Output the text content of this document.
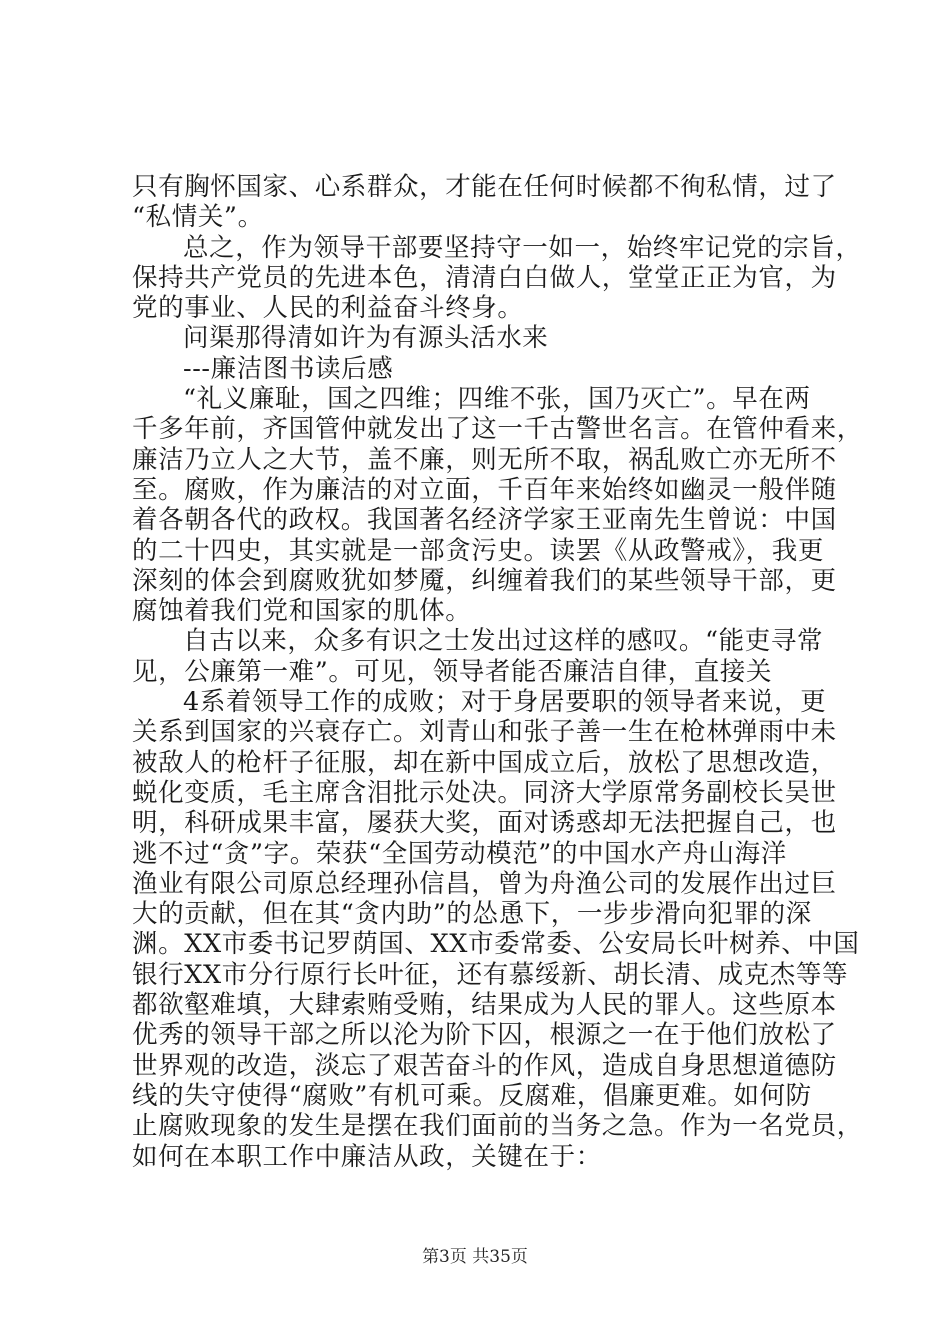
只有胸怀国家、心系群众，才能在任何时候都不徇私情，过了
“私情关”。
总之，作为领导干部要坚持守一如一，始终牢记党的宗旨，
保持共产党员的先进本色，清清白白做人，堂堂正正为官，为
党的事业、人民的利益奋斗终身。
问渠那得清如许为有源头活水来
---廉洁图书读后感
“礼义廉耻，国之四维；四维不张，国乃灭亡”。早在两
千多年前，齐国管仲就发出了这一千古警世名言。在管仲看来，
廉洁乃立人之大节，盖不廉，则无所不取，祸乱败亡亦无所不
至。腐败，作为廉洁的对立面，千百年来始终如幽灵一般伴随
着各朝各代的政权。我国著名经济学家王亚南先生曾说：中国
的二十四史，其实就是一部贪污史。读罢《从政警戒》，我更
深刻的体会到腐败犹如梦魇，纠缠着我们的某些领导干部，更
腐蚀着我们党和国家的肌体。
自古以来，众多有识之士发出过这样的感叹。“能吏寻常
见，公廉第一难”。可见，领导者能否廉洁自律，直接关
4系着领导工作的成败；对于身居要职的领导者来说，更
关系到国家的兴衰存亡。刘青山和张子善一生在枪林弹雨中未
被敌人的枪杆子征服，却在新中国成立后，放松了思想改造，
蜕化变质，毛主席含泪批示处决。同济大学原常务副校长吴世
明，科研成果丰富，屡获大奖，面对诱惑却无法把握自己，也
逃不过“贪”字。荣获“全国劳动模范”的中国水产舟山海洋
渔业有限公司原总经理孙信昌，曾为舟渔公司的发展作出过巨
大的贡献，但在其“贪内助”的怂恿下，一步步滑向犯罪的深
渊。XX市委书记罗荫国、XX市委常委、公安局长叶树养、中国
银行XX市分行原行长叶征，还有慕绥新、胡长清、成克杰等等
都欲壑难填，大肆索贿受贿，结果成为人民的罪人。这些原本
优秀的领导干部之所以沦为阶下囚，根源之一在于他们放松了
世界观的改造，淡忘了艰苦奋斗的作风，造成自身思想道德防
线的失守使得“腐败”有机可乘。反腐难，倡廉更难。如何防
止腐败现象的发生是摆在我们面前的当务之急。作为一名党员，
如何在本职工作中廉洁从政，关键在于：
第3页 共35页
